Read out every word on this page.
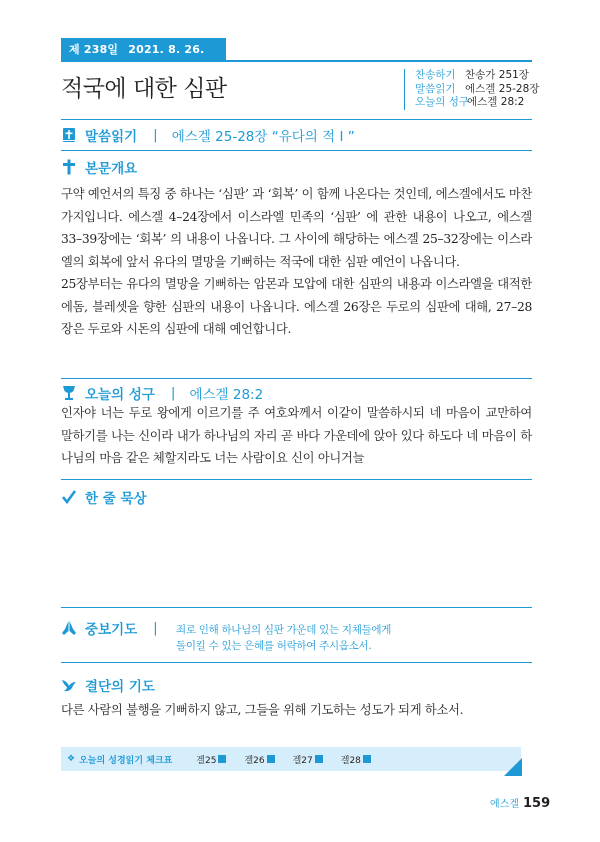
제 238일 2021. 8. 26. 목
적국에 대한 심판
찬송하기 찬송가 251장
말씀읽기 에스겔 25-28장
오늘의 성구에스겔 28:2
말씀읽기 | 에스겔 25-28장 “유다의 적 I ”
본문개요

구약 예언서의 특징 중 하나는 ‘심판’ 과 ‘회복’ 이 함께 나온다는 것인데, 에스겔에서도 마찬가지입니다. 에스겔 4–24장에서 이스라엘 민족의 ‘심판’ 에 관한 내용이 나오고, 에스겔 33–39장에는 ‘회복’ 의 내용이 나옵니다. 그 사이에 해당하는 에스겔 25–32장에는 이스라엘의 회복에 앞서 유다의 멸망을 기뻐하는 적국에 대한 심판 예언이 나옵니다.

25장부터는 유다의 멸망을 기뻐하는 암몬과 모압에 대한 심판의 내용과 이스라엘을 대적한 에돔, 블레셋을 향한 심판의 내용이 나옵니다. 에스겔 26장은 두로의 심판에 대해, 27–28장은 두로와 시돈의 심판에 대해 예언합니다.

오늘의 성구 | 에스겔 28:2

인자야 너는 두로 왕에게 이르기를 주 여호와께서 이같이 말씀하시되 네 마음이 교만하여 말하기를 나는 신이라 내가 하나님의 자리 곧 바다 가운데에 앉아 있다 하도다 네 마음이 하나님의 마음 같은 체할지라도 너는 사람이요 신이 아니거늘

한 줄 묵상
중보기도 | 죄로 인해 하나님의 심판 가운데 있는 지체들에게
돌이킬 수 있는 은혜를 허락하여 주시옵소서.
결단의 기도

다른 사람의 불행을 기뻐하지 않고, 그들을 위해 기도하는 성도가 되게 하소서.

❖ 오늘의 성경읽기 체크표	겔25	겔26	겔27	겔28
에스겔 159
